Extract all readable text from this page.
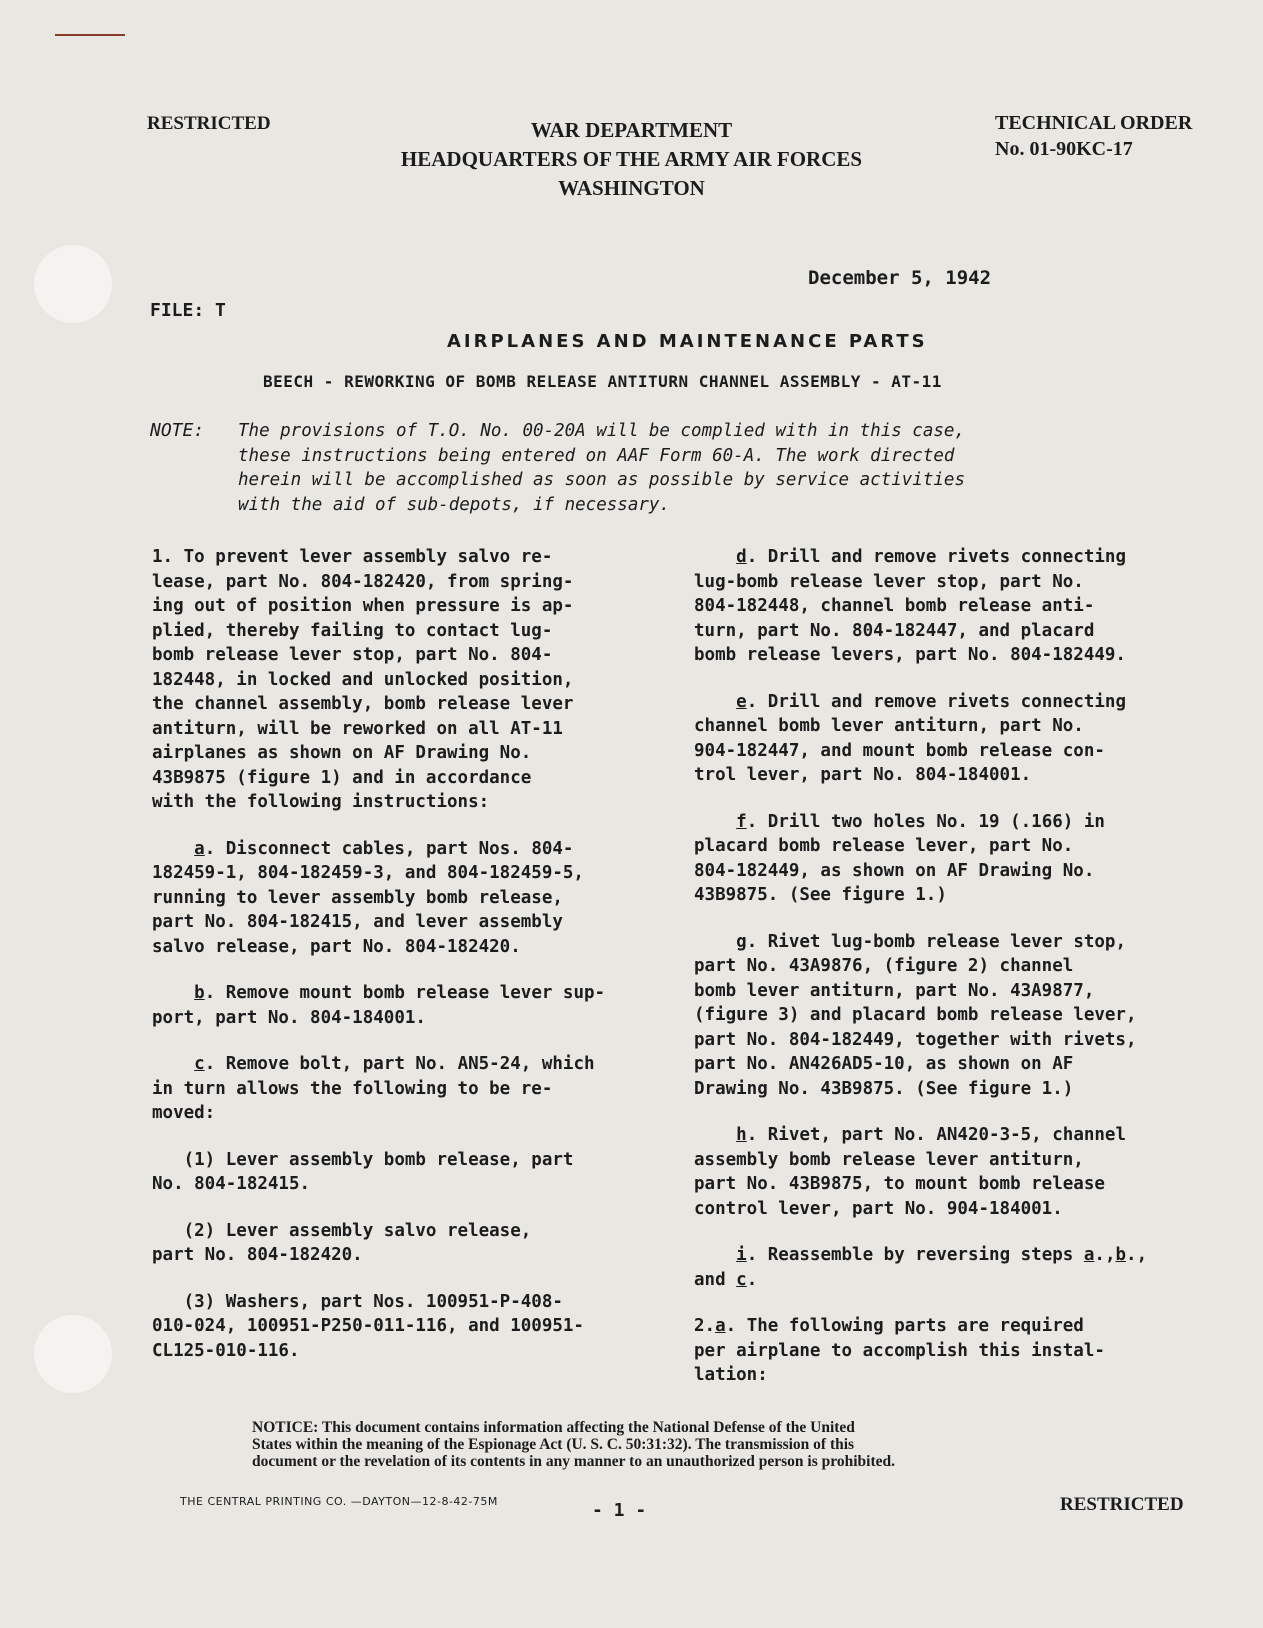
RESTRICTED	WAR DEPARTMENT
HEADQUARTERS OF THE ARMY AIR FORCES
WASHINGTON
TECHNICAL ORDER
No. 01-90KC-17
December 5, 1942
FILE: T
AIRPLANES AND MAINTENANCE PARTS
BEECH - REWORKING OF BOMB RELEASE ANTITURN CHANNEL ASSEMBLY - AT-11
NOTE: The provisions of T.O. No. 00-20A will be complied with in this case,
these instructions being entered on AAF Form 60-A. The work directed
herein will be accomplished as soon as possible by service activities
with the aid of sub-depots, if necessary.

1. To prevent lever assembly salvo re-
lease, part No. 804-182420, from spring-
ing out of position when pressure is ap-
plied, thereby failing to contact lug-
bomb release lever stop, part No. 804-
182448, in locked and unlocked position,
the channel assembly, bomb release lever
antiturn, will be reworked on all AT-11
airplanes as shown on AF Drawing No.
43B9875 (figure 1) and in accordance
with the following instructions:

a. Disconnect cables, part Nos. 804-
182459-1, 804-182459-3, and 804-182459-5,
running to lever assembly bomb release,
part No. 804-182415, and lever assembly
salvo release, part No. 804-182420.

b. Remove mount bomb release lever sup-
port, part No. 804-184001.

c. Remove bolt, part No. AN5-24, which
in turn allows the following to be re-
moved:

(1) Lever assembly bomb release, part
No. 804-182415.

(2) Lever assembly salvo release,
part No. 804-182420.

(3) Washers, part Nos. 100951-P-408-
010-024, 100951-P250-011-116, and 100951-
CL125-010-116.

d. Drill and remove rivets connecting
lug-bomb release lever stop, part No.
804-182448, channel bomb release anti-
turn, part No. 804-182447, and placard
bomb release levers, part No. 804-182449.

e. Drill and remove rivets connecting
channel bomb lever antiturn, part No.
904-182447, and mount bomb release con-
trol lever, part No. 804-184001.

f. Drill two holes No. 19 (.166) in
placard bomb release lever, part No.
804-182449, as shown on AF Drawing No.
43B9875. (See figure 1.)

g. Rivet lug-bomb release lever stop,
part No. 43A9876, (figure 2) channel
bomb lever antiturn, part No. 43A9877,
(figure 3) and placard bomb release lever,
part No. 804-182449, together with rivets,
part No. AN426AD5-10, as shown on AF
Drawing No. 43B9875. (See figure 1.)

h. Rivet, part No. AN420-3-5, channel
assembly bomb release lever antiturn,
part No. 43B9875, to mount bomb release
control lever, part No. 904-184001.

i. Reassemble by reversing steps a.,b.,
and c.

2.a. The following parts are required
per airplane to accomplish this instal-
lation:

NOTICE: This document contains information affecting the National Defense of the United
States within the meaning of the Espionage Act (U. S. C. 50:31:32). The transmission of this
document or the revelation of its contents in any manner to an unauthorized person is prohibited.
THE CENTRAL PRINTING CO. —DAYTON—12-8-42-75M	- 1 -	RESTRICTED
